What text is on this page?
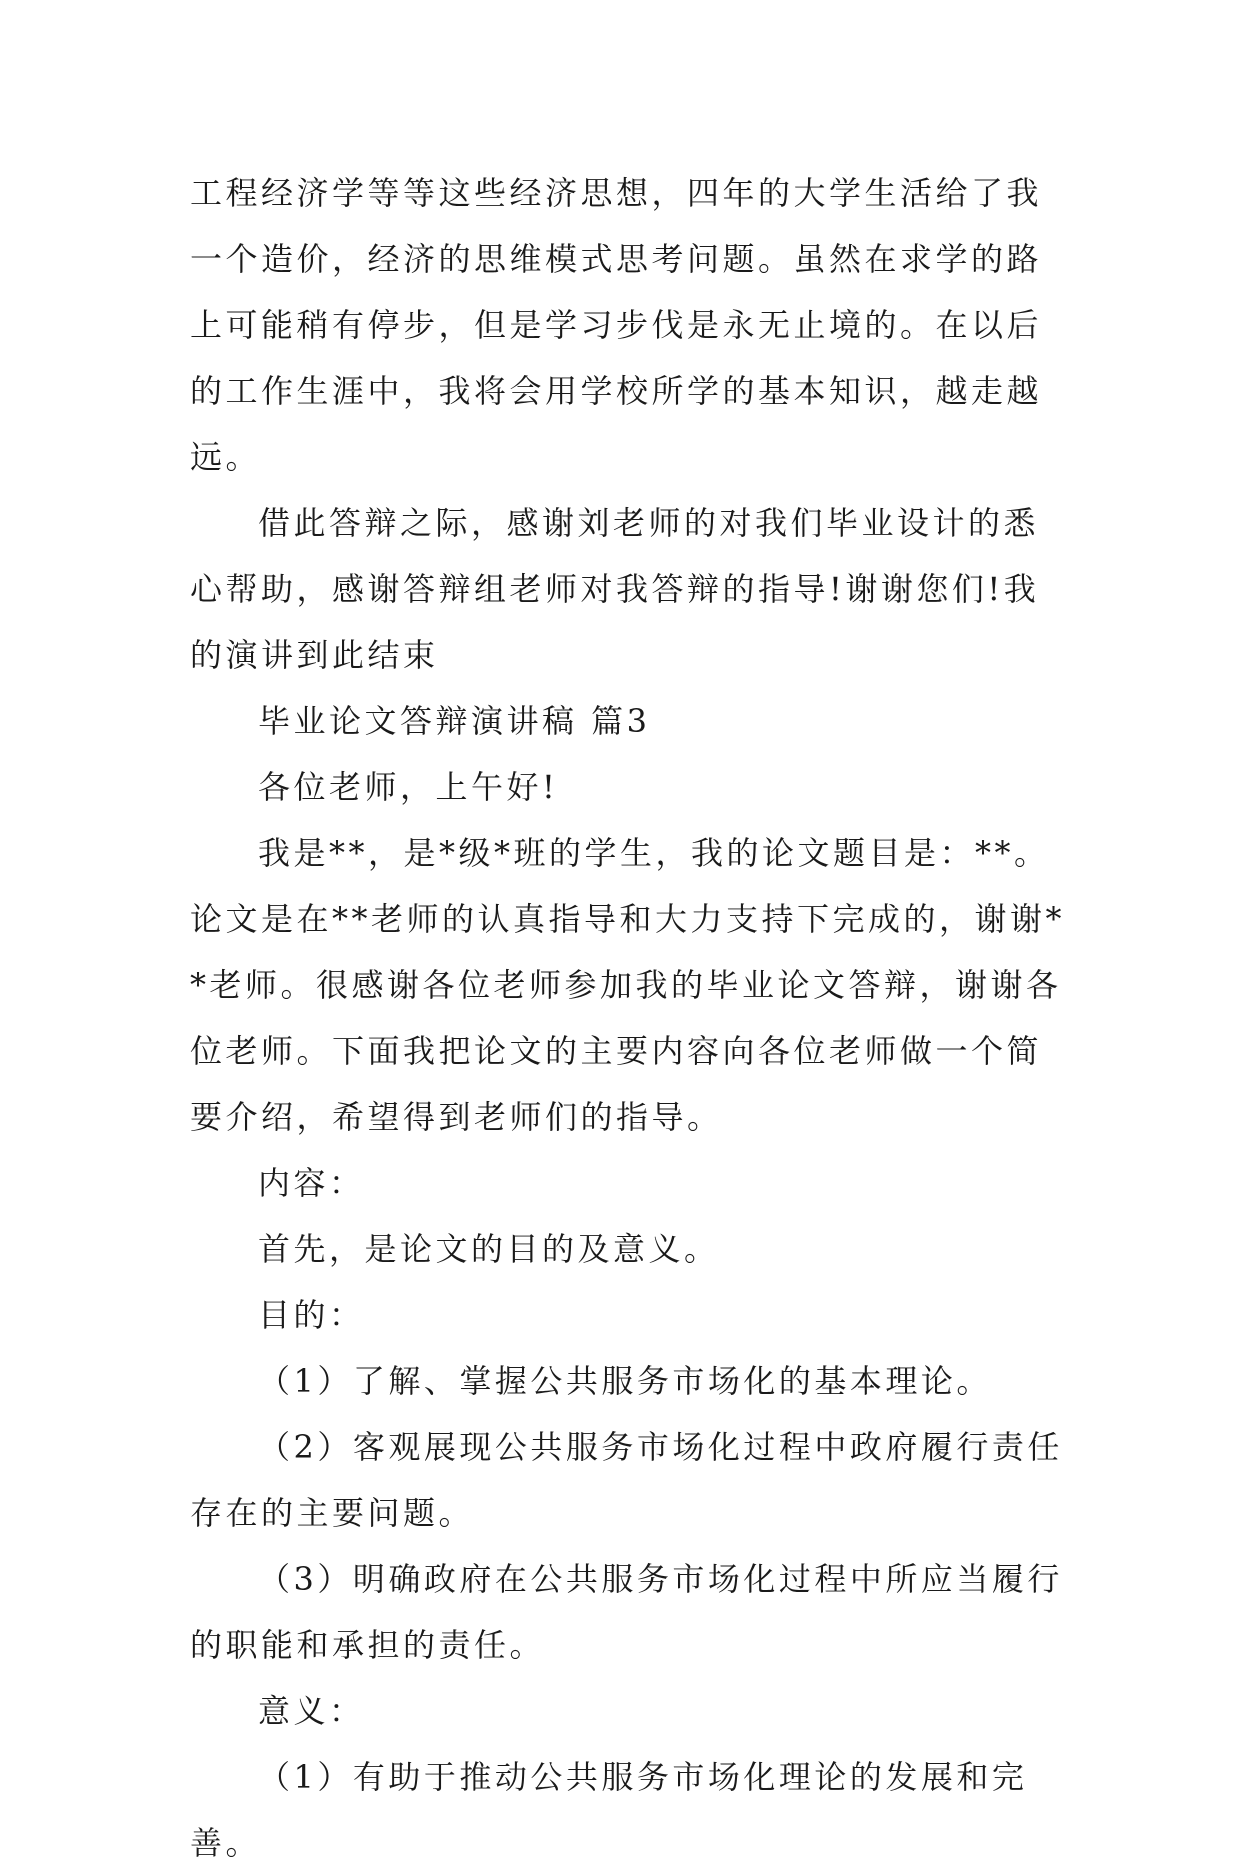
工程经济学等等这些经济思想，四年的大学生活给了我一个造价，经济的思维模式思考问题。虽然在求学的路上可能稍有停步，但是学习步伐是永无止境的。在以后的工作生涯中，我将会用学校所学的基本知识，越走越远。

借此答辩之际，感谢刘老师的对我们毕业设计的悉心帮助，感谢答辩组老师对我答辩的指导!谢谢您们!我的演讲到此结束

毕业论文答辩演讲稿 篇3

各位老师，上午好!

我是**，是*级*班的学生，我的论文题目是：**。论文是在**老师的认真指导和大力支持下完成的，谢谢**老师。很感谢各位老师参加我的毕业论文答辩，谢谢各位老师。下面我把论文的主要内容向各位老师做一个简要介绍，希望得到老师们的指导。

内容：

首先，是论文的目的及意义。

目的：

（1）了解、掌握公共服务市场化的基本理论。

（2）客观展现公共服务市场化过程中政府履行责任存在的主要问题。

（3）明确政府在公共服务市场化过程中所应当履行的职能和承担的责任。

意义：

（1）有助于推动公共服务市场化理论的发展和完善。
